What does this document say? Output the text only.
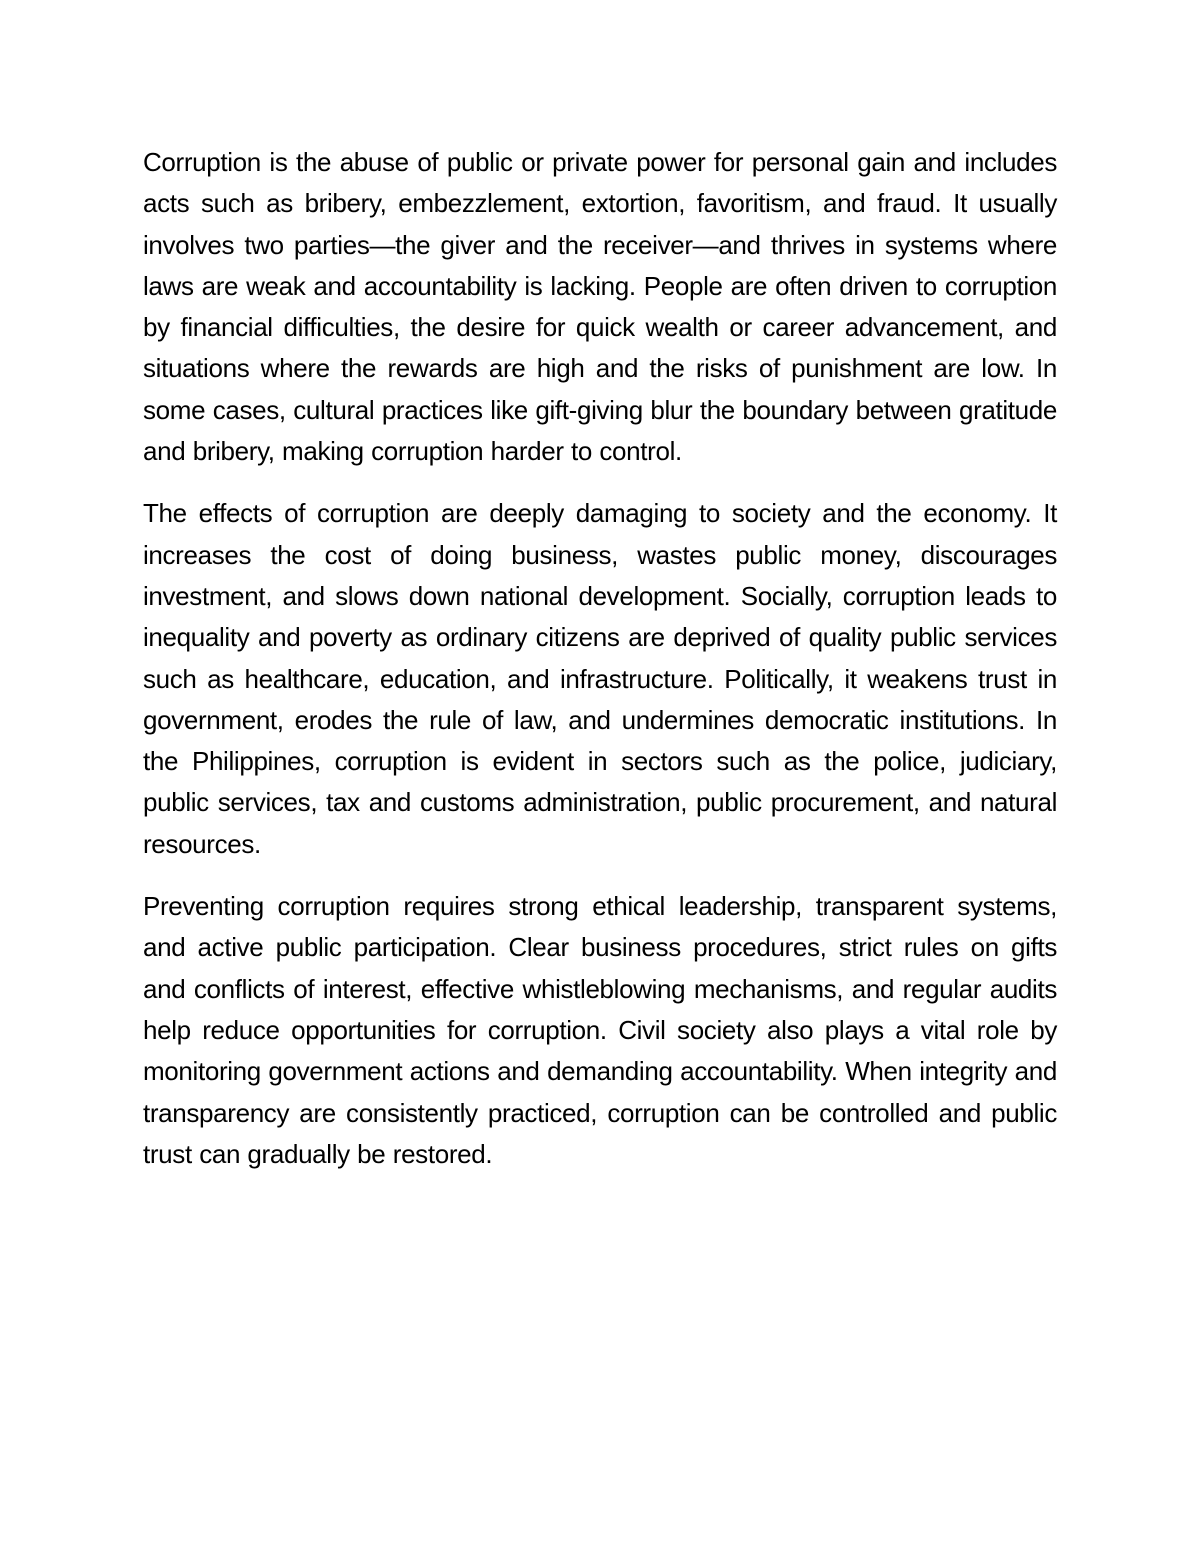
Corruption is the abuse of public or private power for personal gain and includes acts such as bribery, embezzlement, extortion, favoritism, and fraud. It usually involves two parties—the giver and the receiver—and thrives in systems where laws are weak and accountability is lacking. People are often driven to corruption by financial difficulties, the desire for quick wealth or career advancement, and situations where the rewards are high and the risks of punishment are low. In some cases, cultural practices like gift-giving blur the boundary between gratitude and bribery, making corruption harder to control.

The effects of corruption are deeply damaging to society and the economy. It increases the cost of doing business, wastes public money, discourages investment, and slows down national development. Socially, corruption leads to inequality and poverty as ordinary citizens are deprived of quality public services such as healthcare, education, and infrastructure. Politically, it weakens trust in government, erodes the rule of law, and undermines democratic institutions. In the Philippines, corruption is evident in sectors such as the police, judiciary, public services, tax and customs administration, public procurement, and natural resources.

Preventing corruption requires strong ethical leadership, transparent systems, and active public participation. Clear business procedures, strict rules on gifts and conflicts of interest, effective whistleblowing mechanisms, and regular audits help reduce opportunities for corruption. Civil society also plays a vital role by monitoring government actions and demanding accountability. When integrity and transparency are consistently practiced, corruption can be controlled and public trust can gradually be restored.
